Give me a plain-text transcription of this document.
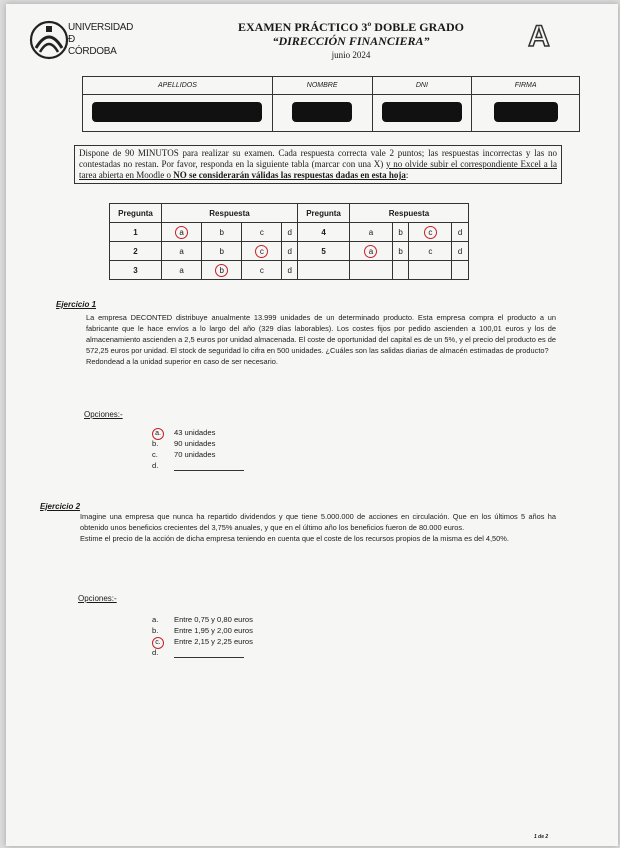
UNIVERSIDAD
Ð
CÓRDOBA
EXAMEN PRÁCTICO 3º DOBLE GRADO
“DIRECCIÓN FINANCIERA”
junio 2024
A
APELLIDOS	NOMBRE	DNI	FIRMA

Dispone de 90 MINUTOS para realizar su examen. Cada respuesta correcta vale 2 puntos; las respuestas incorrectas y las no contestadas no restan. Por favor, responda en la siguiente tabla (marcar con una X) y no olvide subir el correspondiente Excel a la tarea abierta en Moodle o NO se considerarán válidas las respuestas dadas en esta hoja:
Pregunta	Respuesta				Pregunta	Respuesta			
1	a	b	c	d	4	a	b	c	d
2	a	b	c	d	5	a	b	c	d
3	a	b	c	d					
Ejercicio 1
La empresa DECONTED distribuye anualmente 13.999 unidades de un determinado producto. Esta empresa compra el producto a un fabricante que le hace envíos a lo largo del año (329 días laborables). Los costes fijos por pedido ascienden a 100,01 euros y los de almacenamiento ascienden a 2,5 euros por unidad almacenada. El coste de oportunidad del capital es de un 5%, y el precio del producto es de 572,25 euros por unidad. El stock de seguridad lo cifra en 500 unidades. ¿Cuáles son las salidas diarias de almacén estimadas de producto?
Redondead a la unidad superior en caso de ser necesario.
Opciones:-
a. 43 unidades
b. 90 unidades
c. 70 unidades
d.
Ejercicio 2
Imagine una empresa que nunca ha repartido dividendos y que tiene 5.000.000 de acciones en circulación. Que en los últimos 5 años ha obtenido unos beneficios crecientes del 3,75% anuales, y que en el último año los beneficios fueron de 80.000 euros.
Estime el precio de la acción de dicha empresa teniendo en cuenta que el coste de los recursos propios de la misma es del 4,50%.
Opciones:-
a. Entre 0,75 y 0,80 euros
b. Entre 1,95 y 2,00 euros
c. Entre 2,15 y 2,25 euros
d.
1 de 2
